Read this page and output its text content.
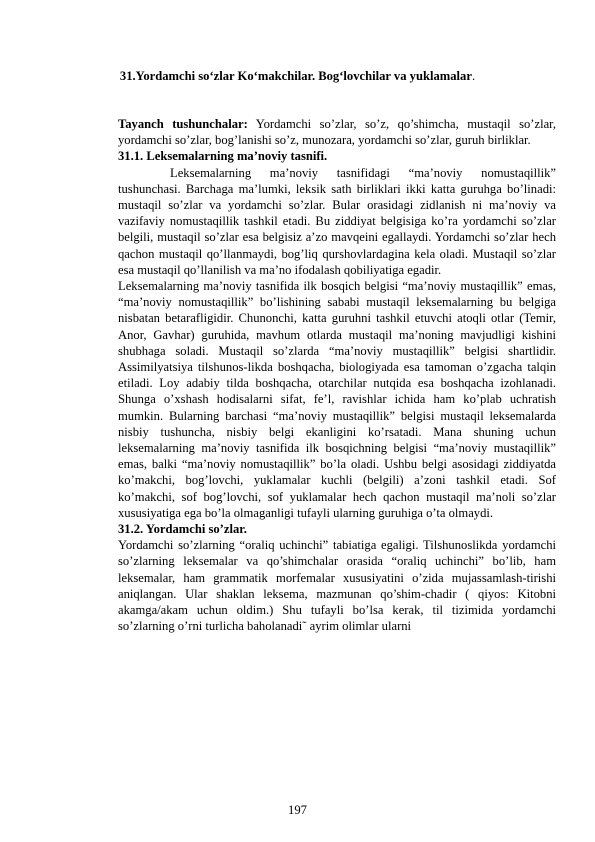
31.Yordamchi so‘zlar Ko‘makchilar. Bog‘lovchilar va yuklamalar.

Tayanch tushunchalar: Yordamchi so’zlar, so’z, qo’shimcha, mustaqil so’zlar, yordamchi so’zlar, bog’lanishi so’z, munozara, yordamchi so’zlar, guruh birliklar.

31.1. Leksemalarning ma’noviy tasnifi.

Leksemalarning ma’noviy tasnifidagi “ma’noviy nomustaqillik” tushunchasi. Barchaga ma’lumki, leksik sath birliklari ikki katta guruhga bo’linadi: mustaqil so’zlar va yordamchi so’zlar. Bular orasidagi zidlanish ni ma’noviy va vazifaviy nomustaqillik tashkil etadi. Bu ziddiyat belgisiga ko’ra yordamchi so’zlar belgili, mustaqil so’zlar esa belgisiz a’zo mavqeini egallaydi. Yordamchi so’zlar hech qachon mustaqil qo’llanmaydi, bog’liq qurshovlardagina kela oladi. Mustaqil so’zlar esa mustaqil qo’llanilish va ma’no ifodalash qobiliyatiga egadir.

Leksemalarning ma’noviy tasnifida ilk bosqich belgisi “ma’noviy mustaqillik” emas, “ma’noviy nomustaqillik” bo’lishining sababi mustaqil leksemalarning bu belgiga nisbatan betarafligidir. Chunonchi, katta guruhni tashkil etuvchi atoqli otlar (Temir, Anor, Gavhar) guruhida, mavhum otlarda mustaqil ma’noning mavjudligi kishini shubhaga soladi. Mustaqil so’zlarda “ma’noviy mustaqillik” belgisi shartlidir. Assimilyatsiya tilshunos-likda boshqacha, biologiyada esa tamoman o’zgacha talqin etiladi. Loy adabiy tilda boshqacha, otarchilar nutqida esa boshqacha izohlanadi. Shunga o’xshash hodisalarni sifat, fe’l, ravishlar ichida ham ko’plab uchratish mumkin. Bularning barchasi “ma’noviy mustaqillik” belgisi mustaqil leksemalarda nisbiy tushuncha, nisbiy belgi ekanligini ko’rsatadi. Mana shuning uchun leksemalarning ma’noviy tasnifida ilk bosqichning belgisi “ma’noviy mustaqillik” emas, balki “ma’noviy nomustaqillik” bo’la oladi. Ushbu belgi asosidagi ziddiyatda ko’makchi, bog’lovchi, yuklamalar kuchli (belgili) a’zoni tashkil etadi. Sof ko’makchi, sof bog’lovchi, sof yuklamalar hech qachon mustaqil ma’noli so’zlar xususiyatiga ega bo’la olmaganligi tufayli ularning guruhiga o’ta olmaydi.

31.2. Yordamchi so’zlar.

Yordamchi so’zlarning “oraliq uchinchi” tabiatiga egaligi. Tilshunoslikda yordamchi so’zlarning leksemalar va qo’shimchalar orasida “oraliq uchinchi” bo’lib, ham leksemalar, ham grammatik morfemalar xususiyatini o’zida mujassamlash-tirishi aniqlangan. Ular shaklan leksema, mazmunan qo’shim-chadir ( qiyos: Kitobni akamga/akam uchun oldim.) Shu tufayli bo’lsa kerak, til tizimida yordamchi so’zlarning o’rni turlicha baholanadi˜ ayrim olimlar ularni

197
